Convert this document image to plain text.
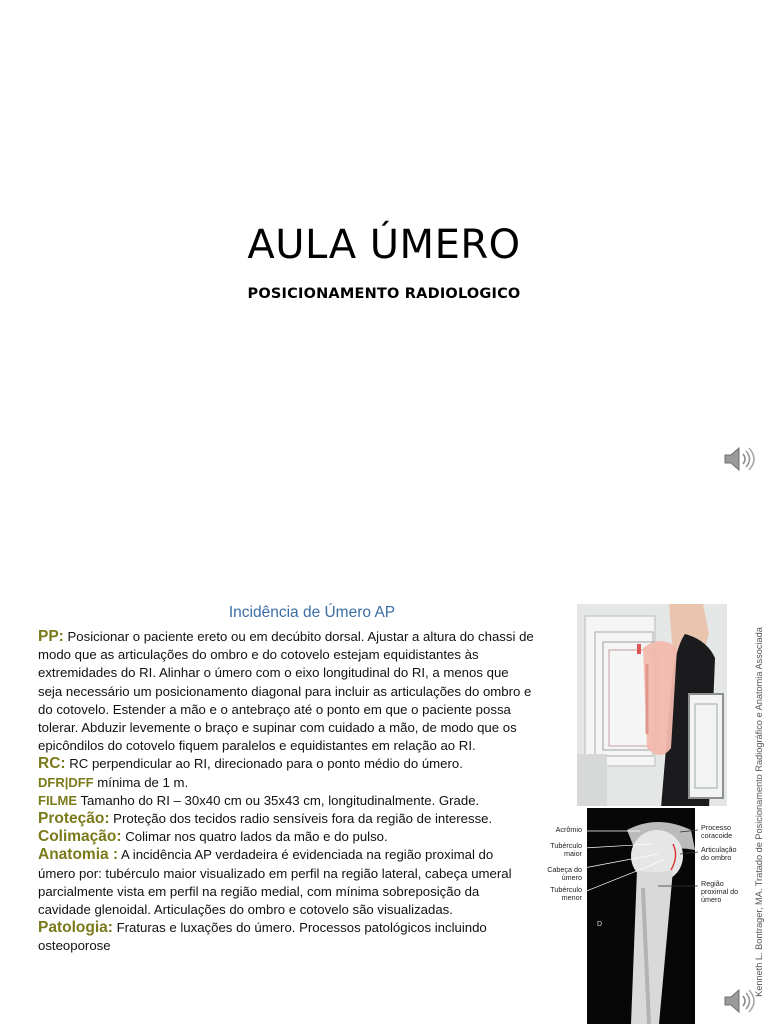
AULA ÚMERO
POSICIONAMENTO RADIOLOGICO
Incidência de Úmero AP

PP: Posicionar o paciente ereto ou em decúbito dorsal. Ajustar a altura do chassi de modo que as articulações do ombro e do cotovelo estejam equidistantes às extremidades do RI. Alinhar o úmero com o eixo longitudinal do RI, a menos que seja necessário um posicionamento diagonal para incluir as articulações do ombro e do cotovelo. Estender a mão e o antebraço até o ponto em que o paciente possa tolerar. Abduzir levemente o braço e supinar com cuidado a mão, de modo que os epicôndilos do cotovelo fiquem paralelos e equidistantes em relação ao RI.

RC: RC perpendicular ao RI, direcionado para o ponto médio do úmero.

DFR|DFF mínima de 1 m.

FILME Tamanho do RI – 30x40 cm ou 35x43 cm, longitudinalmente. Grade.

Proteção: Proteção dos tecidos radio sensíveis fora da região de interesse.

Colimação: Colimar nos quatro lados da mão e do pulso.

Anatomia : A incidência AP verdadeira é evidenciada na região proximal do úmero por: tubérculo maior visualizado em perfil na região lateral, cabeça umeral parcialmente vista em perfil na região medial, com mínima sobreposição da cavidade glenoidal. Articulações do ombro e cotovelo são visualizadas.

Patologia: Fraturas e luxações do úmero. Processos patológicos incluindo osteoporose

D
Acrômio
Tubérculo maior
Cabeça do úmero
Tubérculo menor
Processo coracoide
Articulação do ombro
Região proximal do úmero	Kenneth L. Bontrager, MA. Tratado de Posicionamento Radiográfico e Anatomia Associada
